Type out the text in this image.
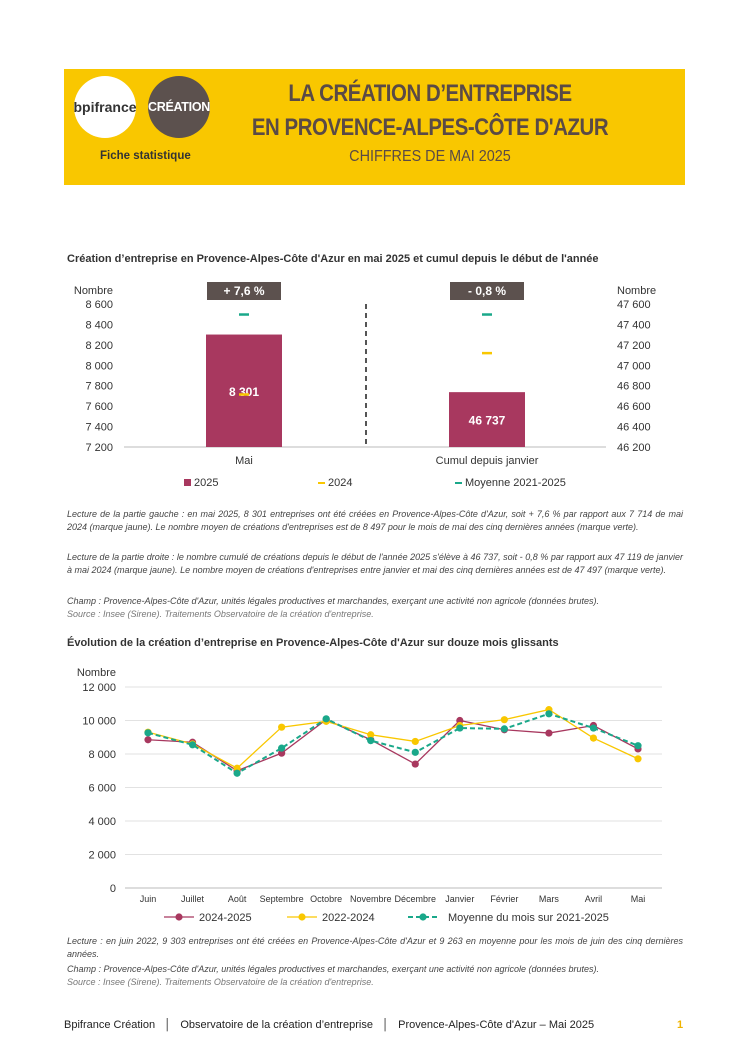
bpifrance CRÉATION
Fiche statistique
LA CRÉATION D’ENTREPRISE
EN PROVENCE-ALPES-CÔTE D'AZUR
CHIFFRES DE MAI 2025
Création d’entreprise en Provence-Alpes-Côte d'Azur en mai 2025 et cumul depuis le début de l'année
Nombre	Nombre
7 200
7 400
7 600
7 800
8 000
8 200
8 400
8 600
46 200
46 400
46 600
46 800
47 000
47 200
47 400
47 600
8 301
+ 7,6 %
Mai
46 737
- 0,8 %
Cumul depuis janvier
2025	2024	Moyenne 2021-2025
Lecture de la partie gauche : en mai 2025, 8 301 entreprises ont été créées en Provence-Alpes-Côte d'Azur, soit + 7,6 % par rapport aux 7 714 de mai 2024 (marque jaune). Le nombre moyen de créations d'entreprises est de 8 497 pour le mois de mai des cinq dernières années (marque verte).
Lecture de la partie droite : le nombre cumulé de créations depuis le début de l'année 2025 s'élève à 46 737, soit - 0,8 % par rapport aux 47 119 de janvier à mai 2024 (marque jaune). Le nombre moyen de créations d'entreprises entre janvier et mai des cinq dernières années est de 47 497 (marque verte).
Champ : Provence-Alpes-Côte d'Azur, unités légales productives et marchandes, exerçant une activité non agricole (données brutes).
Source : Insee (Sirene). Traitements Observatoire de la création d'entreprise.
Évolution de la création d’entreprise en Provence-Alpes-Côte d'Azur sur douze mois glissants
Nombre
0
2 000
4 000
6 000
8 000
10 000
12 000
Juin	Juillet	Août Septembre Octobre Novembre Décembre Janvier Février Mars	Avril	Mai
2024-2025	2022-2024	Moyenne du mois sur 2021-2025
Lecture : en juin 2022, 9 303 entreprises ont été créées en Provence-Alpes-Côte d'Azur et 9 263 en moyenne pour les mois de juin des cinq dernières années.
Champ : Provence-Alpes-Côte d'Azur, unités légales productives et marchandes, exerçant une activité non agricole (données brutes).
Source : Insee (Sirene). Traitements Observatoire de la création d'entreprise.
Bpifrance Création │ Observatoire de la création d’entreprise │ Provence-Alpes-Côte d'Azur – Mai 2025	1
